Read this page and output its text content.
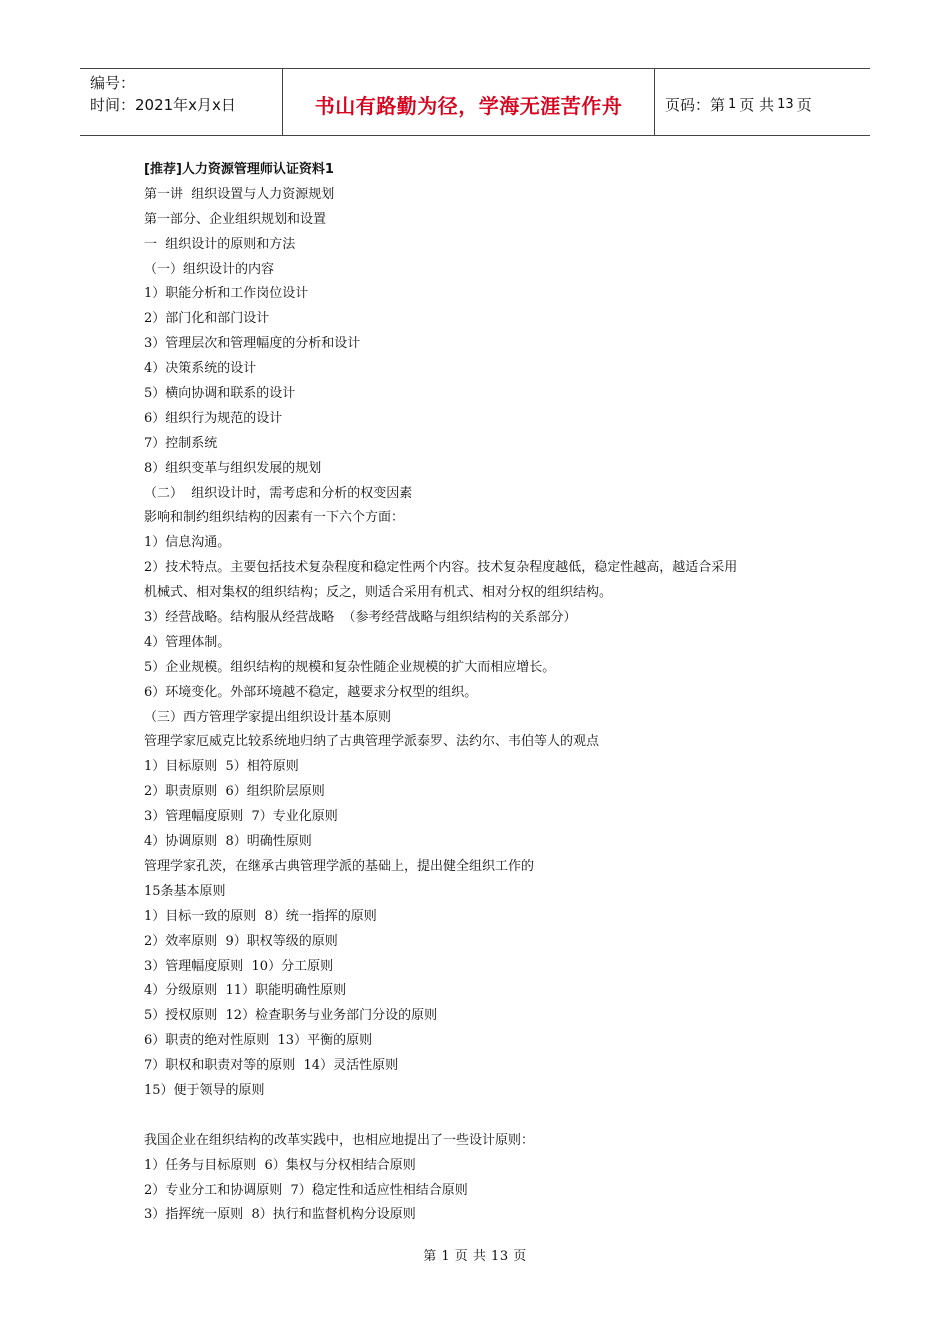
编号：
时间：2021年x月x日	书山有路勤为径，学海无涯苦作舟	页码：第 1 页 共 13 页
[推荐]人力资源管理师认证资料1
第一讲  组织设置与人力资源规划
第一部分、企业组织规划和设置
一  组织设计的原则和方法
（一）组织设计的内容
1）职能分析和工作岗位设计
2）部门化和部门设计
3）管理层次和管理幅度的分析和设计
4）决策系统的设计
5）横向协调和联系的设计
6）组织行为规范的设计
7）控制系统
8）组织变革与组织发展的规划
（二）  组织设计时，需考虑和分析的权变因素
影响和制约组织结构的因素有一下六个方面：
1）信息沟通。
2）技术特点。主要包括技术复杂程度和稳定性两个内容。技术复杂程度越低，稳定性越高，越适合采用
机械式、相对集权的组织结构；反之，则适合采用有机式、相对分权的组织结构。
3）经营战略。结构服从经营战略  （参考经营战略与组织结构的关系部分）
4）管理体制。
5）企业规模。组织结构的规模和复杂性随企业规模的扩大而相应增长。
6）环境变化。外部环境越不稳定，越要求分权型的组织。
（三）西方管理学家提出组织设计基本原则
管理学家厄威克比较系统地归纳了古典管理学派泰罗、法约尔、韦伯等人的观点
1）目标原则  5）相符原则
2）职责原则  6）组织阶层原则
3）管理幅度原则  7）专业化原则
4）协调原则  8）明确性原则
管理学家孔茨，在继承古典管理学派的基础上，提出健全组织工作的
15条基本原则
1）目标一致的原则  8）统一指挥的原则
2）效率原则  9）职权等级的原则
3）管理幅度原则  10）分工原则
4）分级原则  11）职能明确性原则
5）授权原则  12）检查职务与业务部门分设的原则
6）职责的绝对性原则  13）平衡的原则
7）职权和职责对等的原则  14）灵活性原则
15）便于领导的原则
我国企业在组织结构的改革实践中，也相应地提出了一些设计原则：
1）任务与目标原则  6）集权与分权相结合原则
2）专业分工和协调原则  7）稳定性和适应性相结合原则
3）指挥统一原则  8）执行和监督机构分设原则
第 1 页 共 13 页
